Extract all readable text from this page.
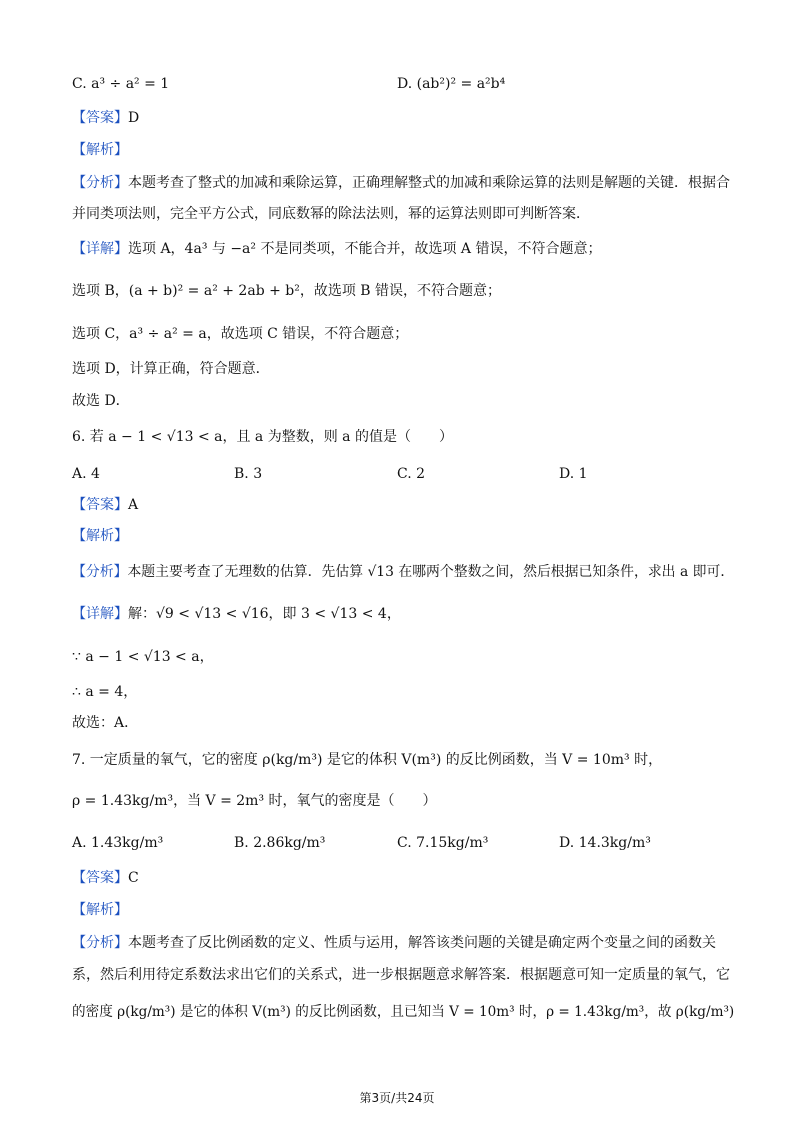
C. a³ ÷ a² = 1	D. (ab²)² = a²b⁴
【答案】D
【解析】
【分析】本题考查了整式的加减和乘除运算，正确理解整式的加减和乘除运算的法则是解题的关键．根据合
并同类项法则，完全平方公式，同底数幂的除法法则，幂的运算法则即可判断答案．
【详解】选项 A，4a³ 与 −a² 不是同类项，不能合并，故选项 A 错误，不符合题意；
选项 B，(a + b)² = a² + 2ab + b²，故选项 B 错误，不符合题意；
选项 C，a³ ÷ a² = a，故选项 C 错误，不符合题意；
选项 D，计算正确，符合题意．
故选 D．
6. 若 a − 1 < √13 < a，且 a 为整数，则 a 的值是（　　）
A. 4	B. 3	C. 2	D. 1
【答案】A
【解析】
【分析】本题主要考查了无理数的估算．先估算 √13 在哪两个整数之间，然后根据已知条件，求出 a 即可．
【详解】解：√9 < √13 < √16，即 3 < √13 < 4，
∵ a − 1 < √13 < a，
∴ a = 4，
故选：A．
7. 一定质量的氧气，它的密度 ρ(kg/m³) 是它的体积 V(m³) 的反比例函数，当 V = 10m³ 时，
ρ = 1.43kg/m³，当 V = 2m³ 时，氧气的密度是（　　）
A. 1.43kg/m³	B. 2.86kg/m³	C. 7.15kg/m³	D. 14.3kg/m³
【答案】C
【解析】
【分析】本题考查了反比例函数的定义、性质与运用，解答该类问题的关键是确定两个变量之间的函数关
系，然后利用待定系数法求出它们的关系式，进一步根据题意求解答案．根据题意可知一定质量的氧气，它
的密度 ρ(kg/m³) 是它的体积 V(m³) 的反比例函数，且已知当 V = 10m³ 时，ρ = 1.43kg/m³，故 ρ(kg/m³)
第3页/共24页
